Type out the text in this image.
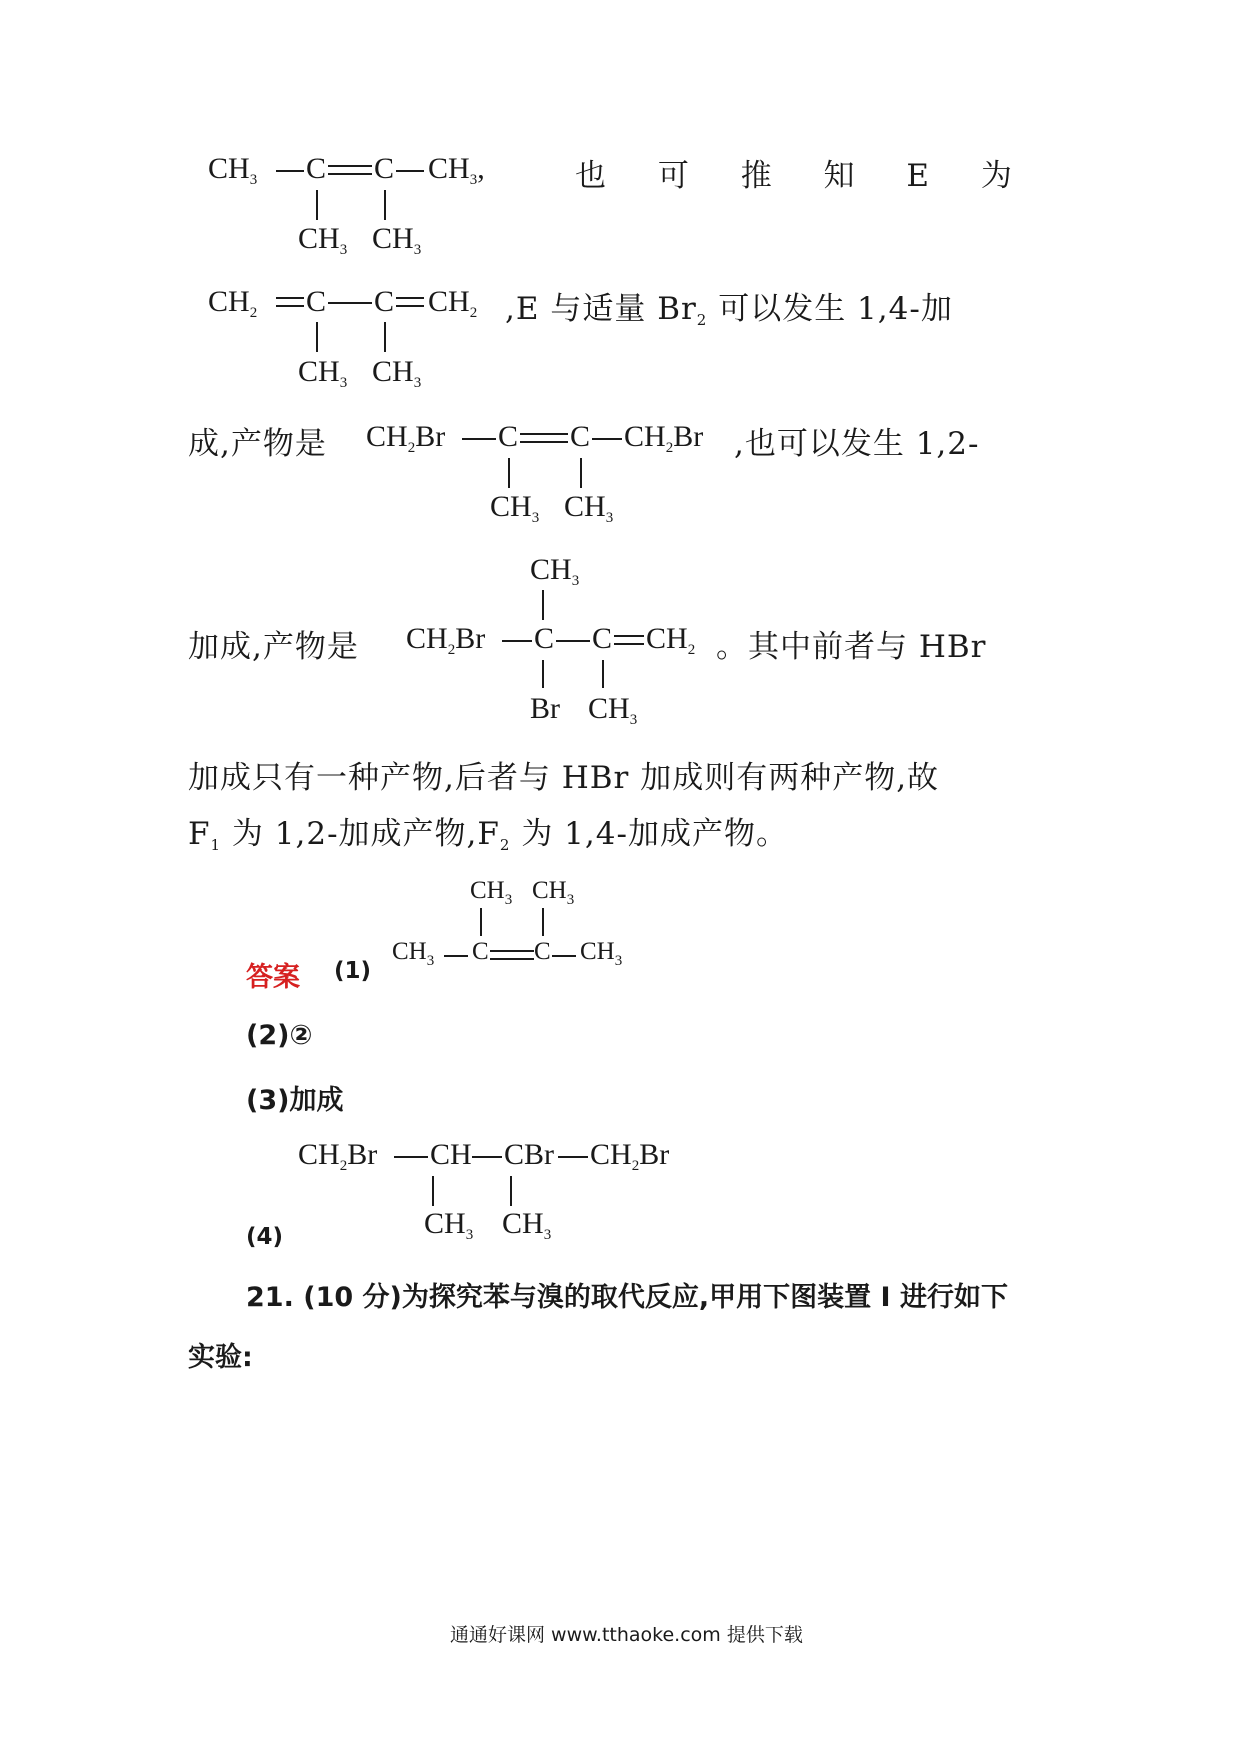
$CH_3$ C C $CH_3$,
$CH_3$ $CH_3$
也 可 推 知 E 为
$CH_2$ C C $CH_2$
$CH_3$ $CH_3$
,E 与适量 $Br_2$ 可以发生 1,4-加
成,产物是 $CH_2Br$ C C $CH_2Br$
$CH_3$ $CH_3$
,也可以发生 1,2-
加成,产物是
$CH_3$
$CH_2Br$ C C $CH_2$
Br $CH_3$
。其中前者与 HBr
加成只有一种产物,后者与 HBr 加成则有两种产物,故
$F_1$ 为 1,2-加成产物$,F_2$ 为 1,4-加成产物。
答案 (1)
$CH_3$ $CH_3$
$CH_3$ C C $CH_3$
(2)②
(3)加成
$CH_2Br$ CH CBr $CH_2Br$
$CH_3$ $CH_3$
(4)
21. (10 分)为探究苯与溴的取代反应,甲用下图装置 I 进行如下
实验:
通通好课网 www.tthaoke.com 提供下载
